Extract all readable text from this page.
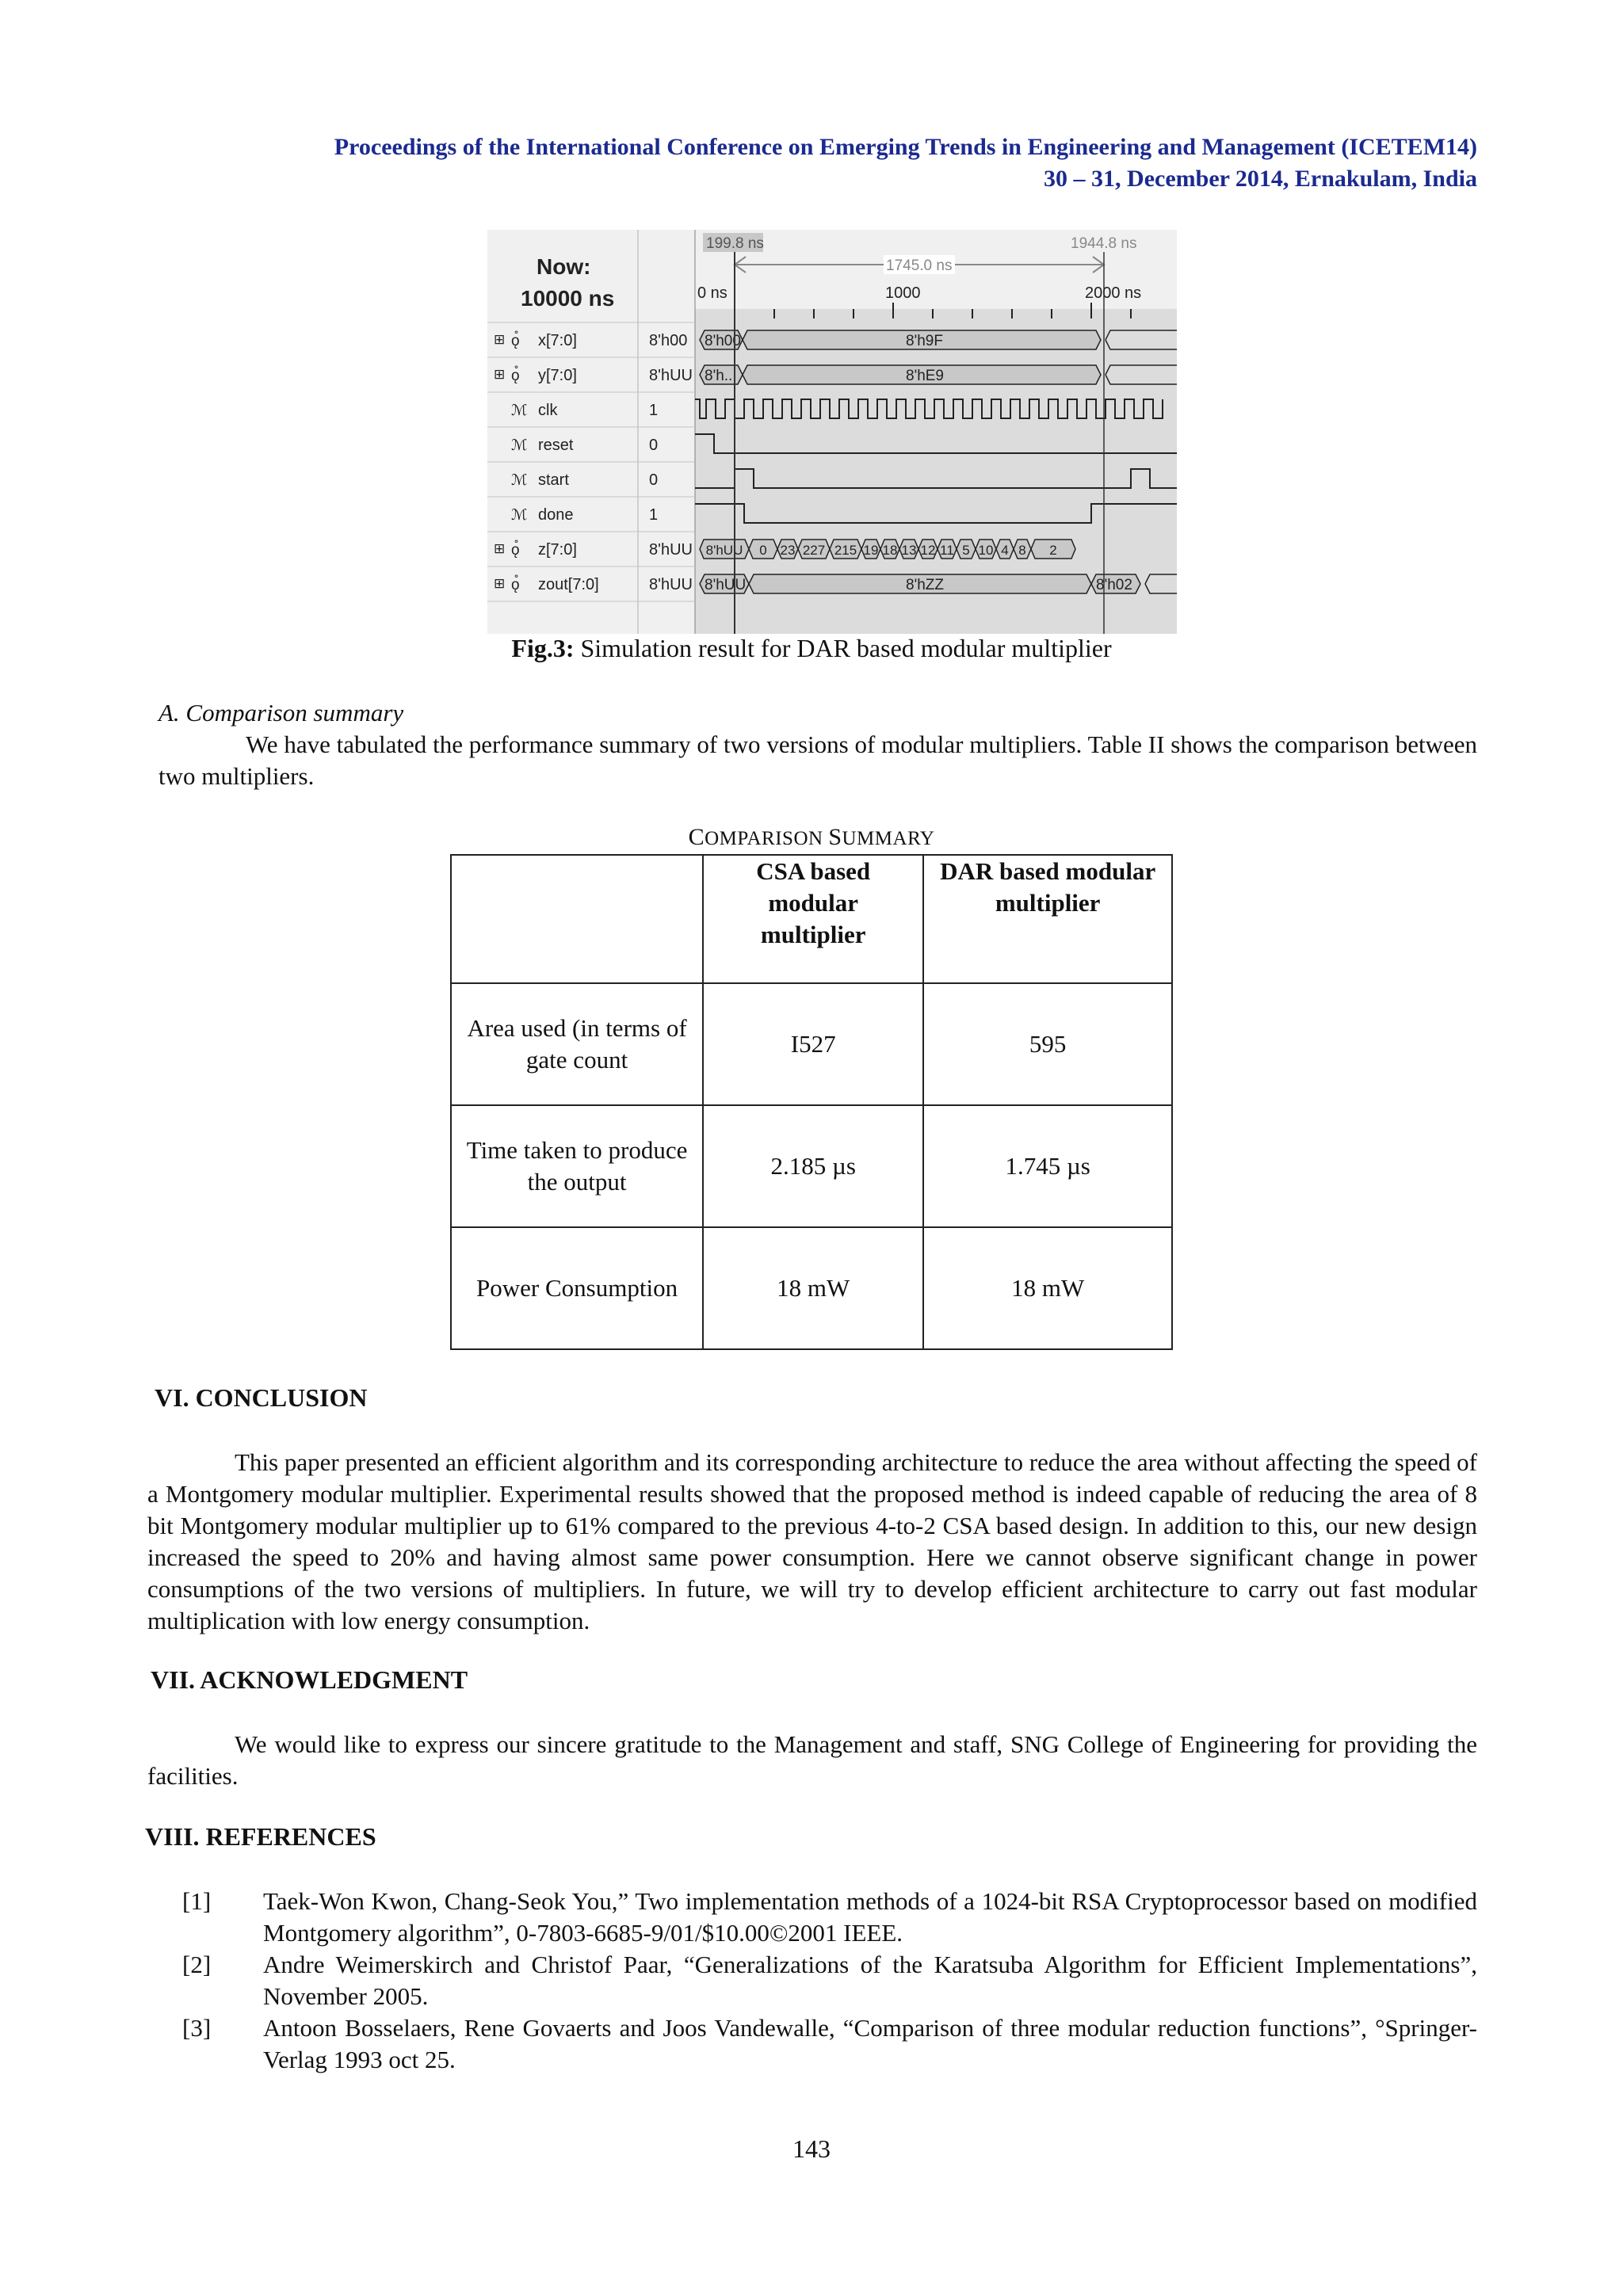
Proceedings of the International Conference on Emerging Trends in Engineering and Management (ICETEM14)
30 – 31, December 2014, Ernakulam, India
Now:
10000 ns
199.8 ns	1944.8 ns
1745.0 ns
0 ns	1000	2000 ns
⊞ ǫ̊ x[7:0]	8'h00 8'h00	8'h9F
⊞ ǫ̊ y[7:0]	8'hUU 8'h...	8'hE9
ℳ clk	1
ℳ reset	0
ℳ start	0
ℳ done	1
⊞ ǫ̊ z[7:0]	8'hUU 8'hUU 0 23 227 215 19 18 13 12 11 5 10 4 8 2
⊞ ǫ̊ zout[7:0]	8'hUU 8'hUU	8'hZZ	8'h02
Fig.3: Simulation result for DAR based modular multiplier
A. Comparison summary
We have tabulated the performance summary of two versions of modular multipliers. Table II shows the comparison between two multipliers.
COMPARISON SUMMARY
	CSA based modular multiplier	DAR based modular multiplier
Area used (in terms of gate count	I527	595
Time taken to produce the output	2.185 µs	1.745 µs
Power Consumption	18 mW	18 mW
VI. CONCLUSION
This paper presented an efficient algorithm and its corresponding architecture to reduce the area without affecting the speed of a Montgomery modular multiplier. Experimental results showed that the proposed method is indeed capable of reducing the area of 8 bit Montgomery modular multiplier up to 61% compared to the previous 4-to-2 CSA based design. In addition to this, our new design increased the speed to 20% and having almost same power consumption. Here we cannot observe significant change in power consumptions of the two versions of multipliers. In future, we will try to develop efficient architecture to carry out fast modular multiplication with low energy consumption.
VII. ACKNOWLEDGMENT
We would like to express our sincere gratitude to the Management and staff, SNG College of Engineering for providing the facilities.
VIII. REFERENCES
[1]	Taek-Won Kwon, Chang-Seok You,” Two implementation methods of a 1024-bit RSA Cryptoprocessor based on modified Montgomery algorithm”, 0-7803-6685-9/01/$10.00©2001 IEEE.
[2]	Andre Weimerskirch and Christof Paar, “Generalizations of the Karatsuba Algorithm for Efficient Implementations”, November 2005.
[3]	Antoon Bosselaers, Rene Govaerts and Joos Vandewalle, “Comparison of three modular reduction functions”, °Springer-Verlag 1993 oct 25.
143
